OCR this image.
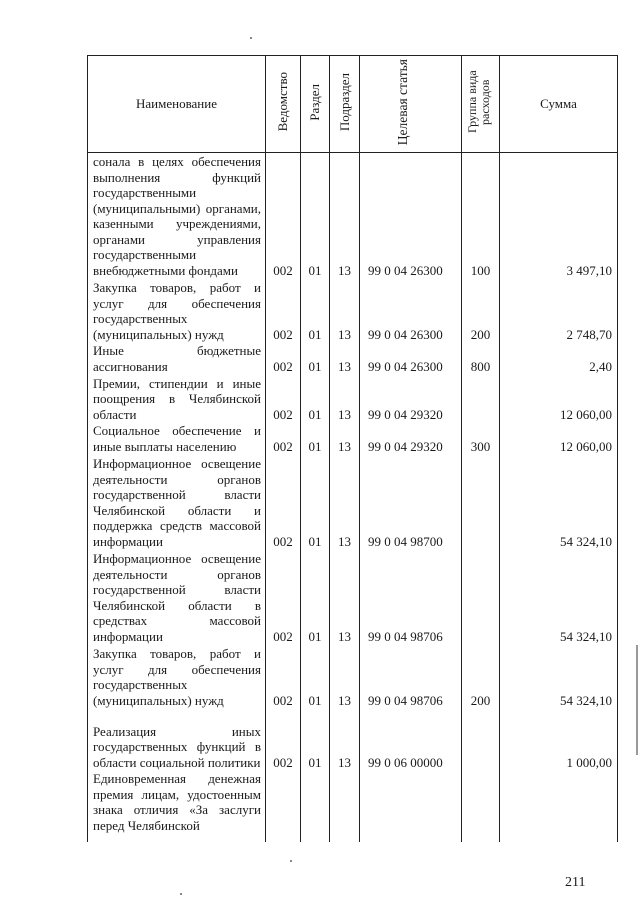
Наименование	Ведомство	Раздел	Подраздел	Целевая статья	Группа вида расходов	Сумма
сонала в целях обеспечения выполнения функций государственными (муниципальными) органами, казенными учреждениями, органами управления государственными внебюджетными фондами	002	01	13	99 0 04 26300	100	3 497,10
Закупка товаров, работ и услуг для обеспечения государственных (муниципальных) нужд	002	01	13	99 0 04 26300	200	2 748,70
Иные бюджетные ассигнования	002	01	13	99 0 04 26300	800	2,40
Премии, стипендии и иные поощрения в Челябинской области	002	01	13	99 0 04 29320		12 060,00
Социальное обеспечение и иные выплаты населению	002	01	13	99 0 04 29320	300	12 060,00
Информационное освещение деятельности органов государственной власти Челябинской области и поддержка средств массовой информации	002	01	13	99 0 04 98700		54 324,10
Информационное освещение деятельности органов государственной власти Челябинской области в средствах массовой информации	002	01	13	99 0 04 98706		54 324,10
Закупка товаров, работ и услуг для обеспечения государственных (муниципальных) нужд	002	01	13	99 0 04 98706	200	54 324,10
Реализация иных государственных функций в области социальной политики	002	01	13	99 0 06 00000		1 000,00
Единовременная денежная премия лицам, удостоенным знака отличия «За заслуги перед Челябинской						
211
